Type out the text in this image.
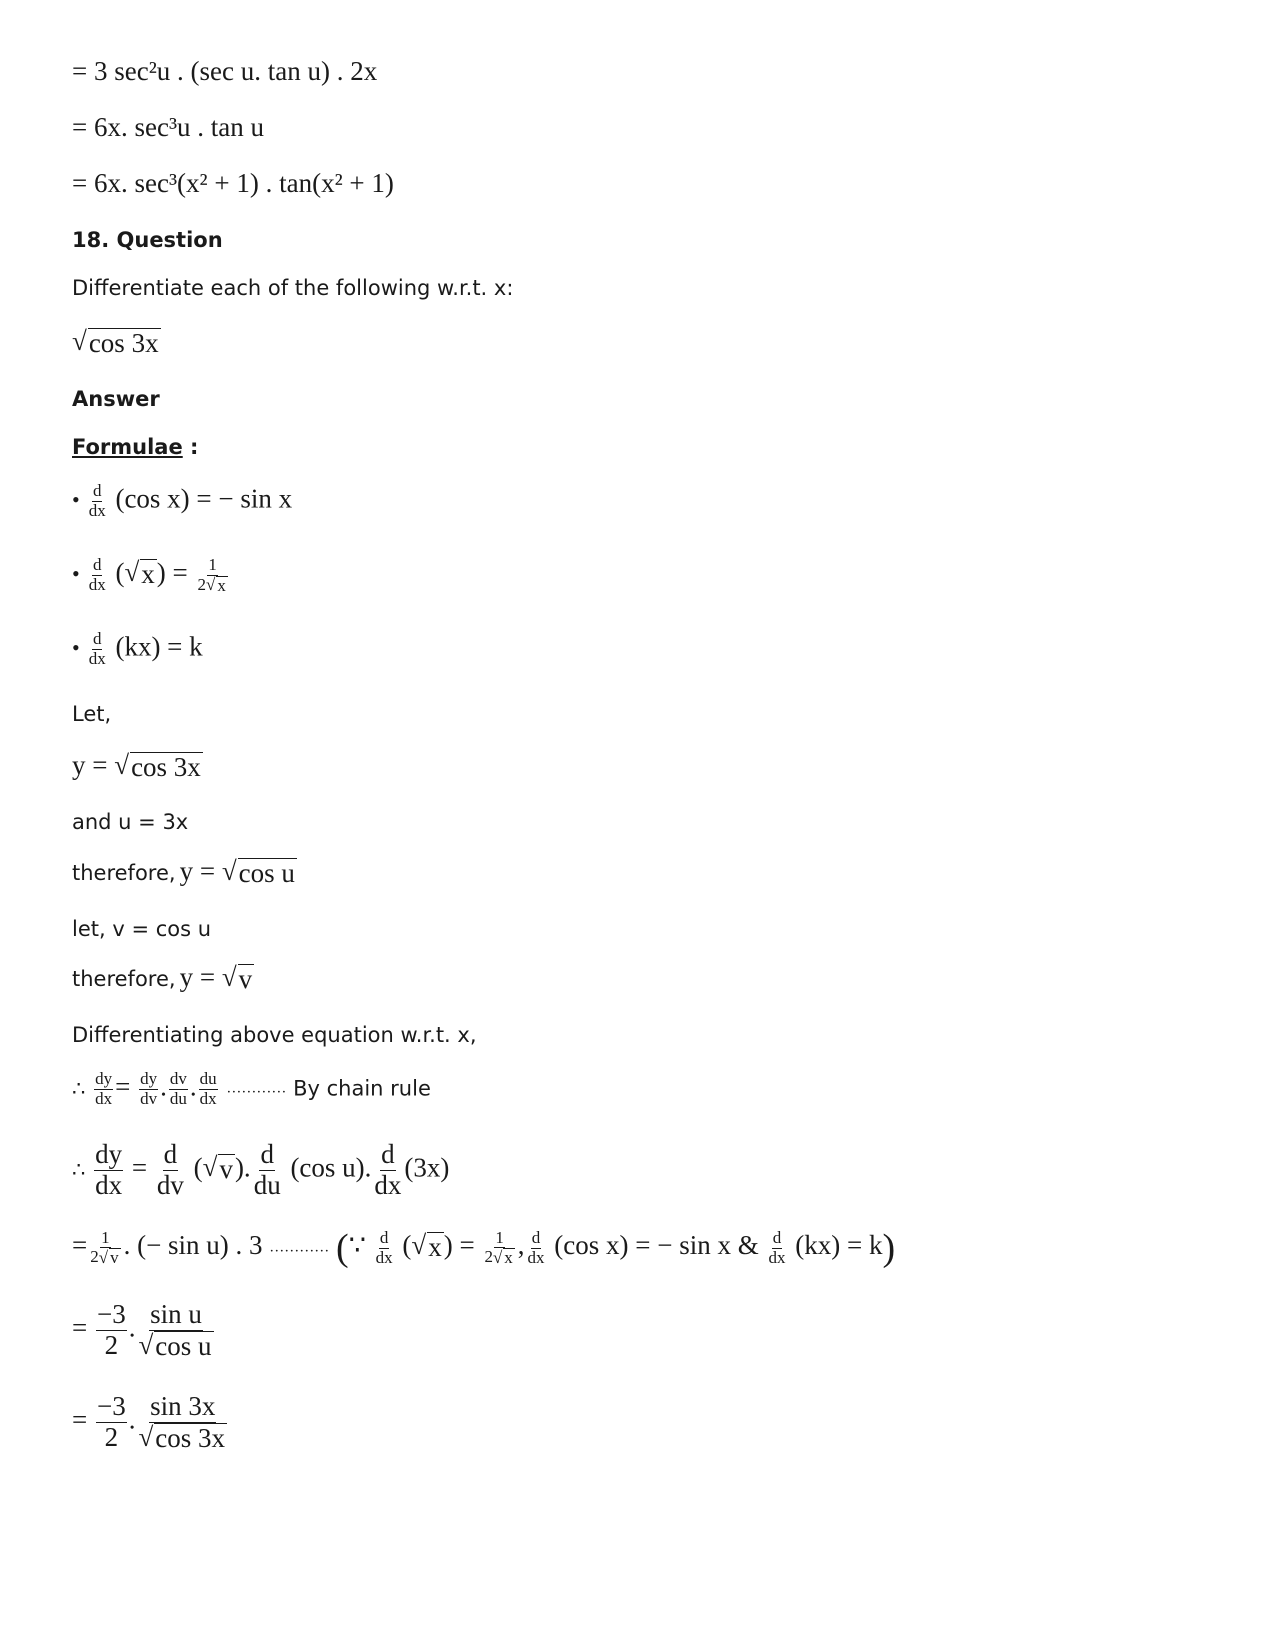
= 3 sec²u . (sec u. tan u) . 2x
= 6x. sec³u . tan u
= 6x. sec³(x² + 1) . tan(x² + 1)
18. Question
Differentiate each of the following w.r.t. x:
√ cos 3x
Answer
Formulae :
• $\frac{d}{dx} (\cos$ x) = − sin x
• $\frac{d}{dx}$ ( √ x ) = $\frac{1}{2 √ x}$
• $\frac{d}{dx} (kx) = k$
Let,
y = √ cos 3x
and u = 3x
therefore, y = √ cos u
let, v = cos u
therefore, y = √ v
Differentiating above equation w.r.t. x,
∴ $\frac{dy}{dx} = \frac{dy}{dv}$ . $\frac{dv}{du}$ . $\frac{du}{dx}$ ………… By chain rule
∴ $\frac{dy}{dx} = \frac{d}{dv}$ ( √ v ). $\frac{d}{du} (\cos$ u). $\frac{d}{dx} (3x)$
= $\frac{1}{2 √ v}$ . (− sin u) . 3 ………… (∵ $\frac{d}{dx}$ ( √ x ) = $\frac{1}{2 √ x}$ , $\frac{d}{dx} (\cos$ x) = − sin x & $\frac{d}{dx} (kx) = k$)
= $\frac{-3}{2}$ . $\frac{\text{sin u}}{\text{√ cos u}}$
= $\frac{-3}{2}$ . $\frac{\sin 3x}{√ \cos 3x}$
